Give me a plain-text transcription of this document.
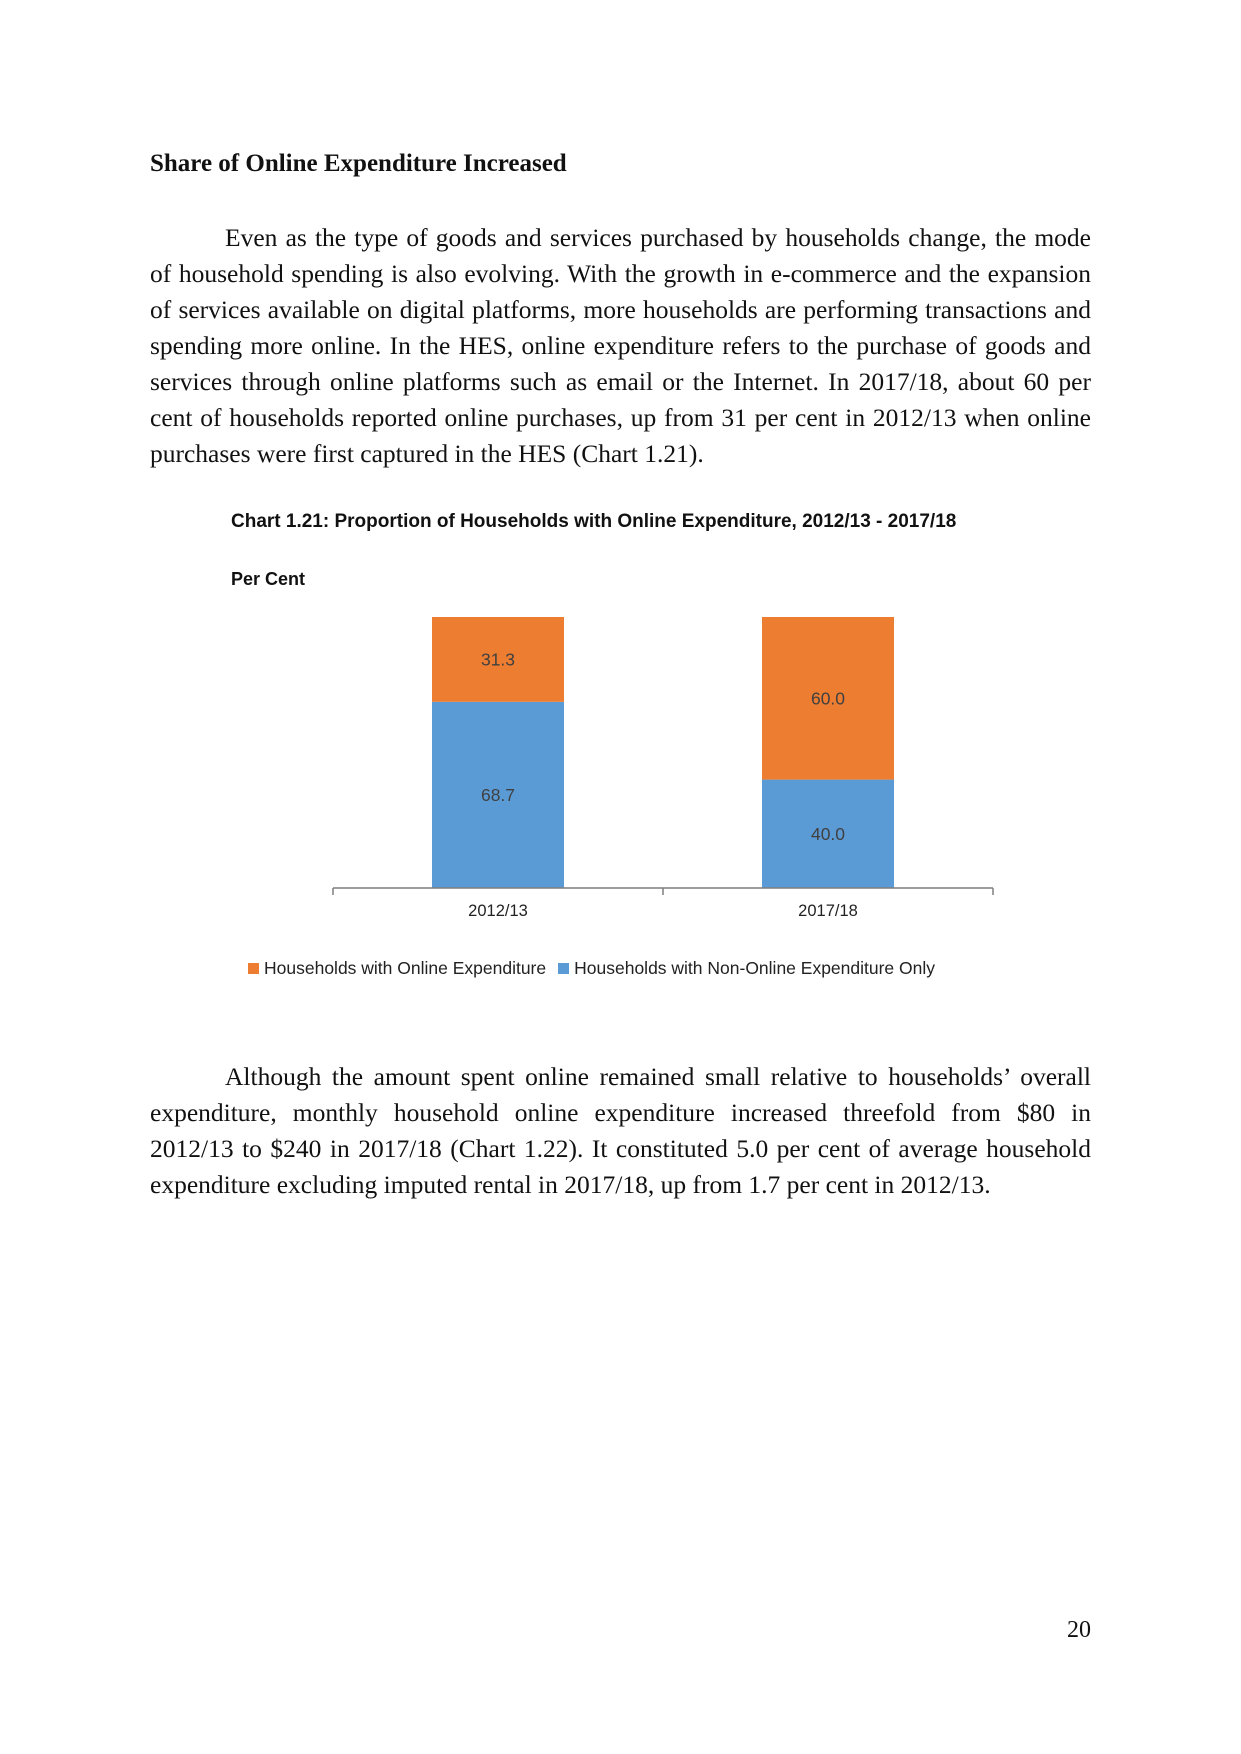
Share of Online Expenditure Increased

Even as the type of goods and services purchased by households change, the mode of household spending is also evolving. With the growth in e-commerce and the expansion of services available on digital platforms, more households are performing transactions and spending more online. In the HES, online expenditure refers to the purchase of goods and services through online platforms such as email or the Internet. In 2017/18, about 60 per cent of households reported online purchases, up from 31 per cent in 2012/13 when online purchases were first captured in the HES (Chart 1.21).

Chart 1.21: Proportion of Households with Online Expenditure, 2012/13 - 2017/18
Per Cent
68.7
31.3
2012/13
40.0
60.0
2017/18
Households with Online Expenditure Households with Non-Online Expenditure Only

Although the amount spent online remained small relative to households’ overall expenditure, monthly household online expenditure increased threefold from $80 in 2012/13 to $240 in 2017/18 (Chart 1.22). It constituted 5.0 per cent of average household expenditure excluding imputed rental in 2017/18, up from 1.7 per cent in 2012/13.

20
